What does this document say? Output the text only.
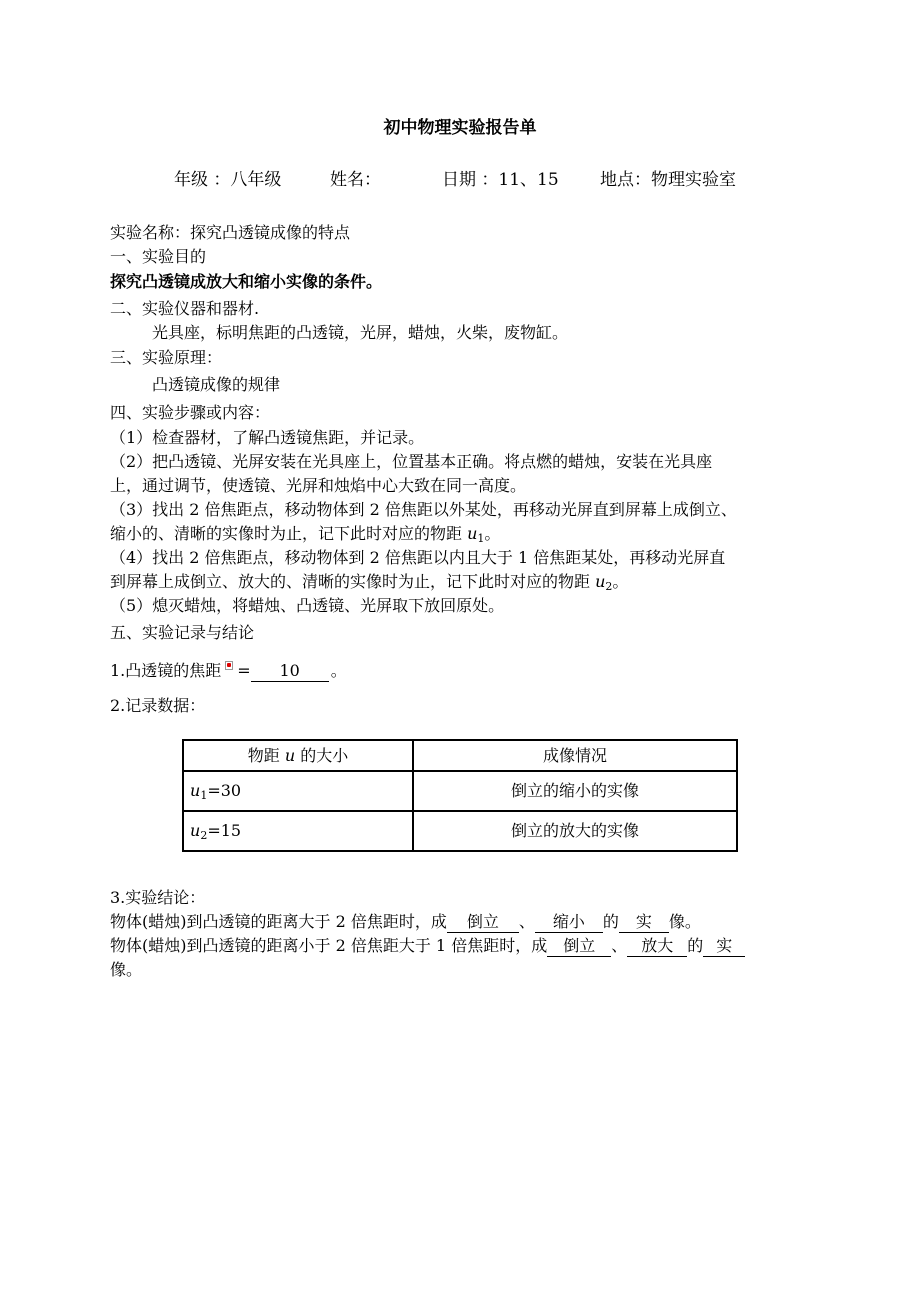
初中物理实验报告单
年级 ：八年级	姓名：	日期 ：11、15 地点：物理实验室
实验名称：探究凸透镜成像的特点
一、实验目的
探究凸透镜成放大和缩小实像的条件。
二、实验仪器和器材.
光具座，标明焦距的凸透镜，光屏，蜡烛，火柴，废物缸。
三、实验原理：
凸透镜成像的规律
四、实验步骤或内容：
（1）检查器材，了解凸透镜焦距，并记录。
（2）把凸透镜、光屏安装在光具座上，位置基本正确。将点燃的蜡烛，安装在光具座
上，通过调节，使透镜、光屏和烛焰中心大致在同一高度。
（3）找出 2 倍焦距点，移动物体到 2 倍焦距以外某处，再移动光屏直到屏幕上成倒立、
缩小的、清晰的实像时为止，记下此时对应的物距 $u_1$。
（4）找出 2 倍焦距点，移动物体到 2 倍焦距以内且大于 1 倍焦距某处，再移动光屏直
到屏幕上成倒立、放大的、清晰的实像时为止，记下此时对应的物距 $u_2$。
（5）熄灭蜡烛，将蜡烛、凸透镜、光屏取下放回原处。
五、实验记录与结论
1.凸透镜的焦距 = 10 。
2.记录数据：
物距 u 的大小	成像情况
$u_1=30$	倒立的缩小的实像
$u_2=15$	倒立的放大的实像
3.实验结论：
物体(蜡烛)到凸透镜的距离大于 2 倍焦距时，成 倒立 、 缩小 的 实 像。
物体(蜡烛)到凸透镜的距离小于 2 倍焦距大于 1 倍焦距时，成 倒立 、 放大 的 实
像。
